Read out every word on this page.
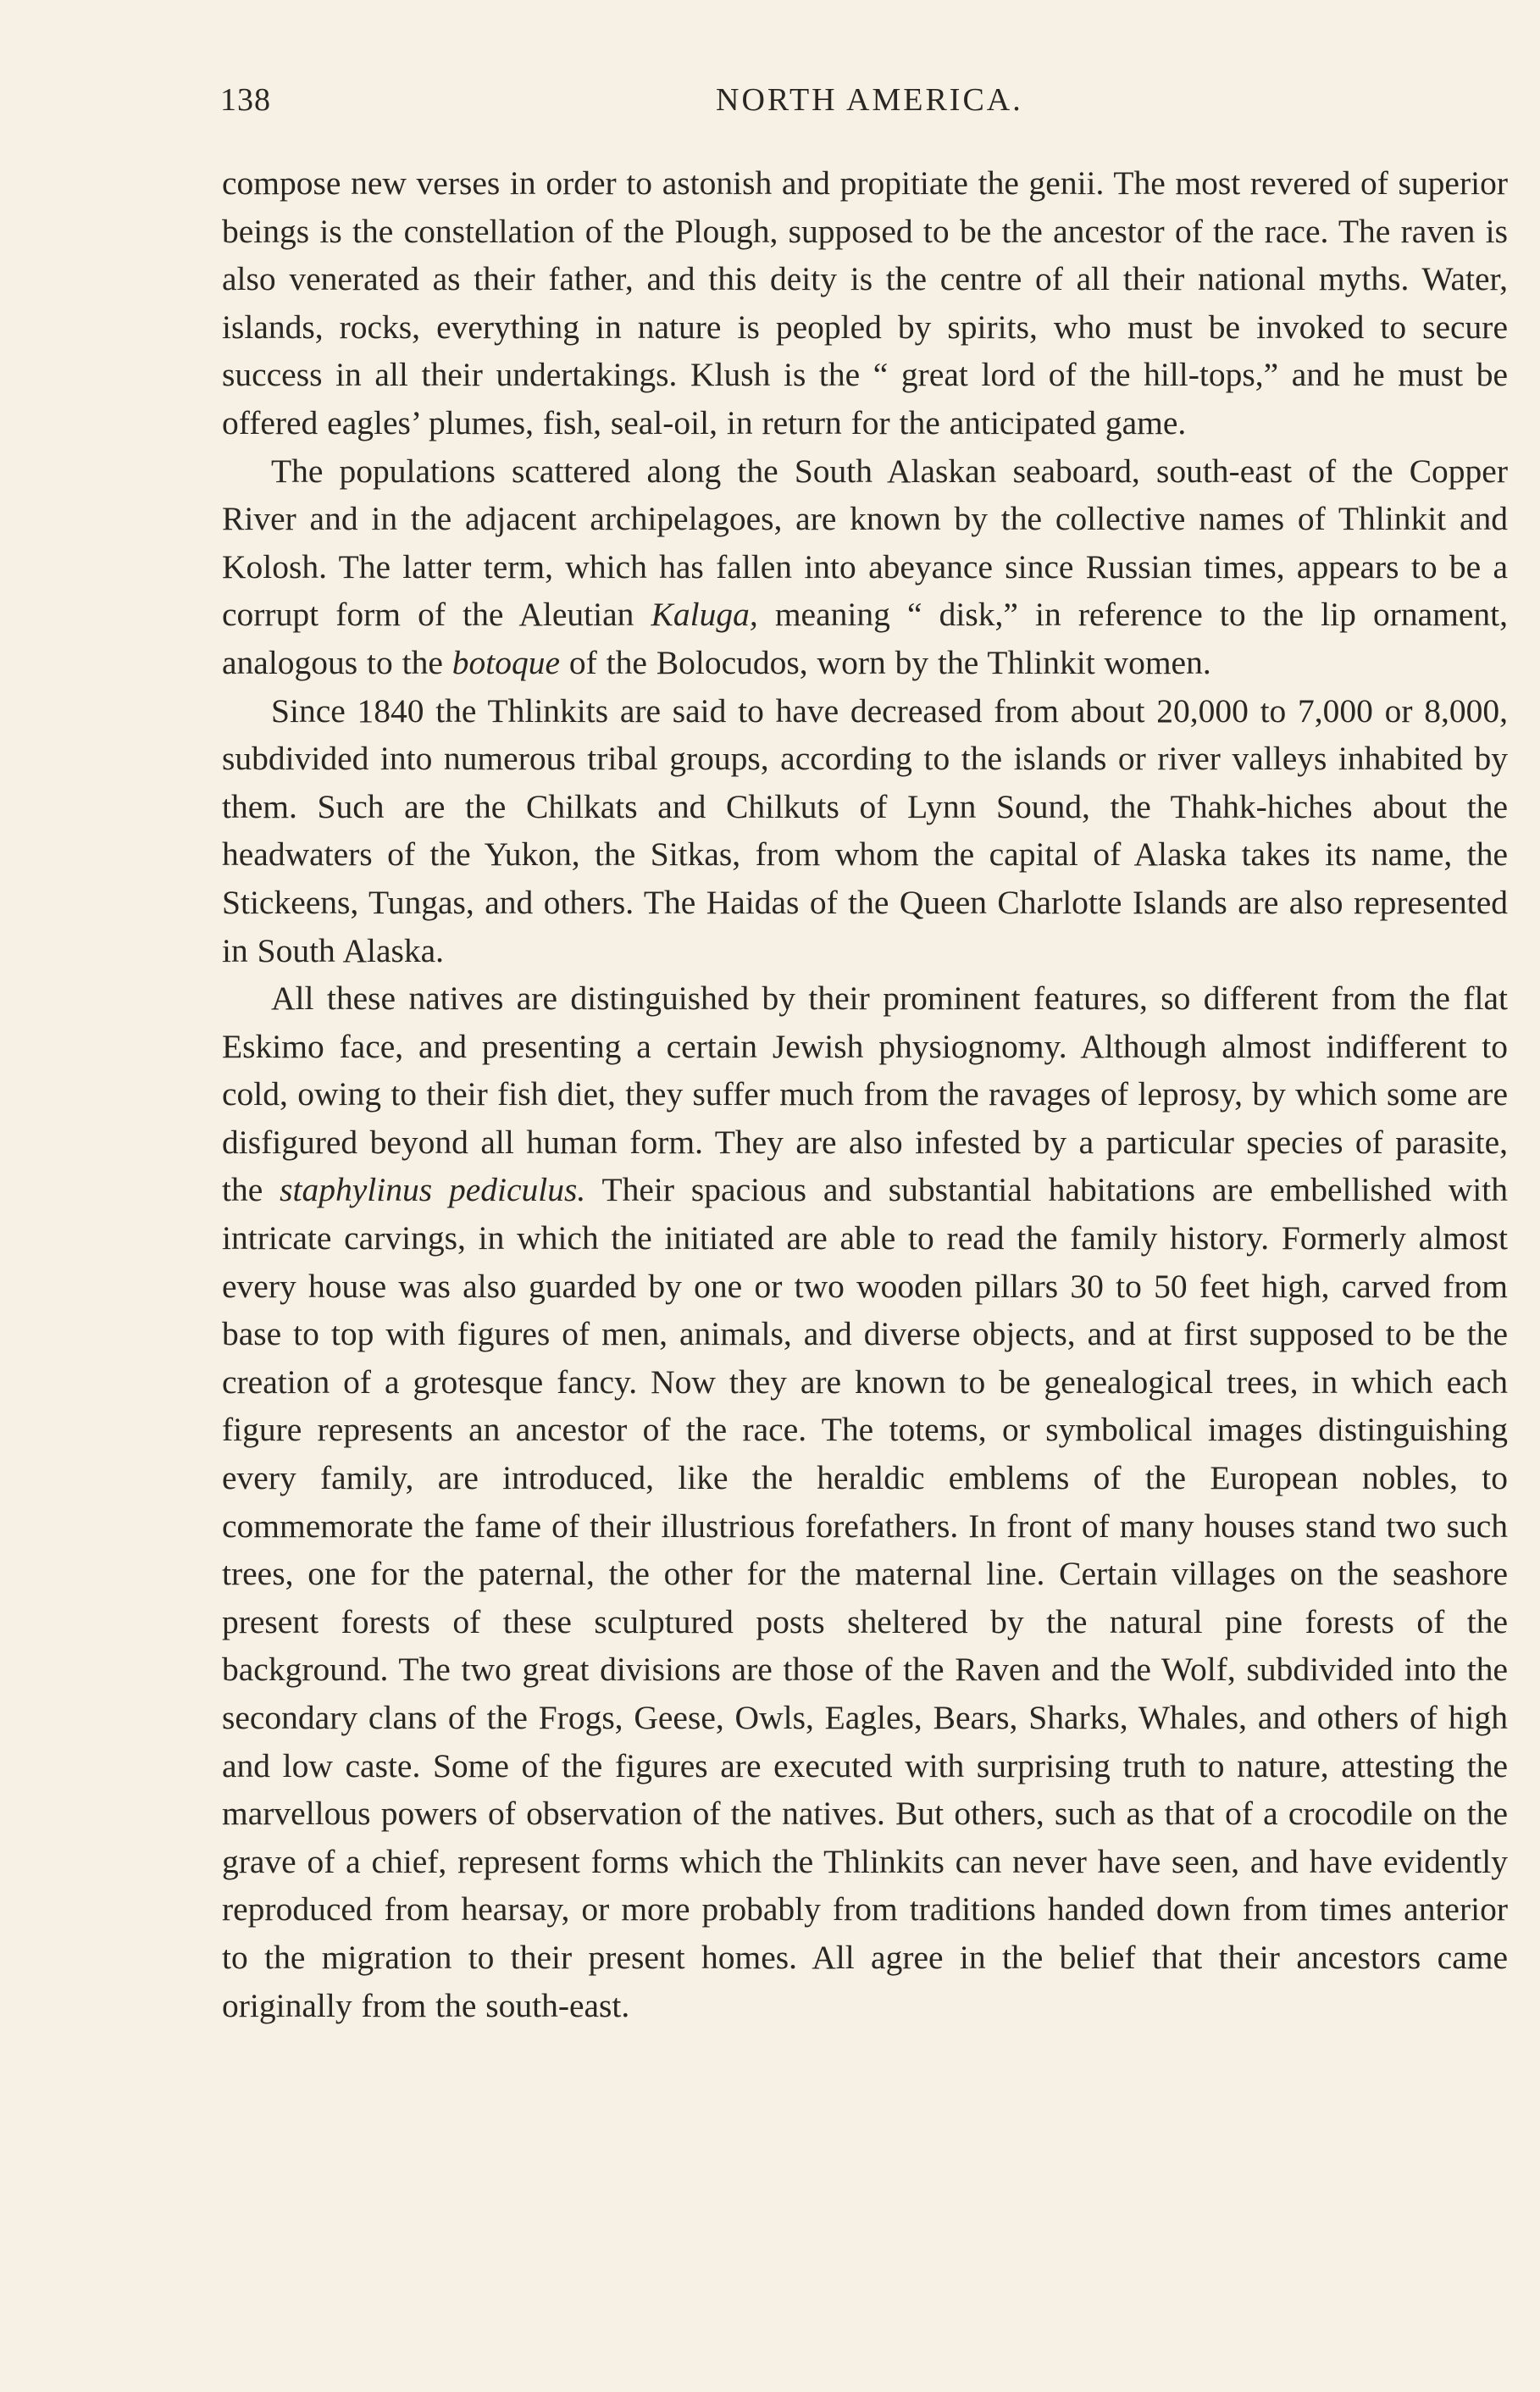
138	NORTH AMERICA.

compose new verses in order to astonish and propitiate the genii. The most revered of superior beings is the constellation of the Plough, supposed to be the ancestor of the race. The raven is also venerated as their father, and this deity is the centre of all their national myths. Water, islands, rocks, everything in nature is peopled by spirits, who must be invoked to secure success in all their undertakings. Klush is the “ great lord of the hill-tops,” and he must be offered eagles’ plumes, fish, seal-oil, in return for the anticipated game.

The populations scattered along the South Alaskan seaboard, south-east of the Copper River and in the adjacent archipelagoes, are known by the collective names of Thlinkit and Kolosh. The latter term, which has fallen into abeyance since Russian times, appears to be a corrupt form of the Aleutian Kaluga, meaning “ disk,” in reference to the lip ornament, analogous to the botoque of the Bolocudos, worn by the Thlinkit women.

Since 1840 the Thlinkits are said to have decreased from about 20,000 to 7,000 or 8,000, subdivided into numerous tribal groups, according to the islands or river valleys inhabited by them. Such are the Chilkats and Chilkuts of Lynn Sound, the Thahk-hiches about the headwaters of the Yukon, the Sitkas, from whom the capital of Alaska takes its name, the Stickeens, Tungas, and others. The Haidas of the Queen Charlotte Islands are also represented in South Alaska.

All these natives are distinguished by their prominent features, so different from the flat Eskimo face, and presenting a certain Jewish physiognomy. Although almost indifferent to cold, owing to their fish diet, they suffer much from the ravages of leprosy, by which some are disfigured beyond all human form. They are also infested by a particular species of parasite, the staphylinus pediculus. Their spacious and substantial habitations are embellished with intricate carvings, in which the initiated are able to read the family history. Formerly almost every house was also guarded by one or two wooden pillars 30 to 50 feet high, carved from base to top with figures of men, animals, and diverse objects, and at first supposed to be the creation of a grotesque fancy. Now they are known to be genealogical trees, in which each figure represents an ancestor of the race. The totems, or symbolical images distinguishing every family, are introduced, like the heraldic emblems of the European nobles, to commemorate the fame of their illustrious forefathers. In front of many houses stand two such trees, one for the paternal, the other for the maternal line. Certain villages on the seashore present forests of these sculptured posts sheltered by the natural pine forests of the background. The two great divisions are those of the Raven and the Wolf, subdivided into the secondary clans of the Frogs, Geese, Owls, Eagles, Bears, Sharks, Whales, and others of high and low caste. Some of the figures are executed with surprising truth to nature, attesting the marvellous powers of observation of the natives. But others, such as that of a crocodile on the grave of a chief, represent forms which the Thlinkits can never have seen, and have evidently reproduced from hearsay, or more probably from traditions handed down from times anterior to the migration to their present homes. All agree in the belief that their ancestors came originally from the south-east.
